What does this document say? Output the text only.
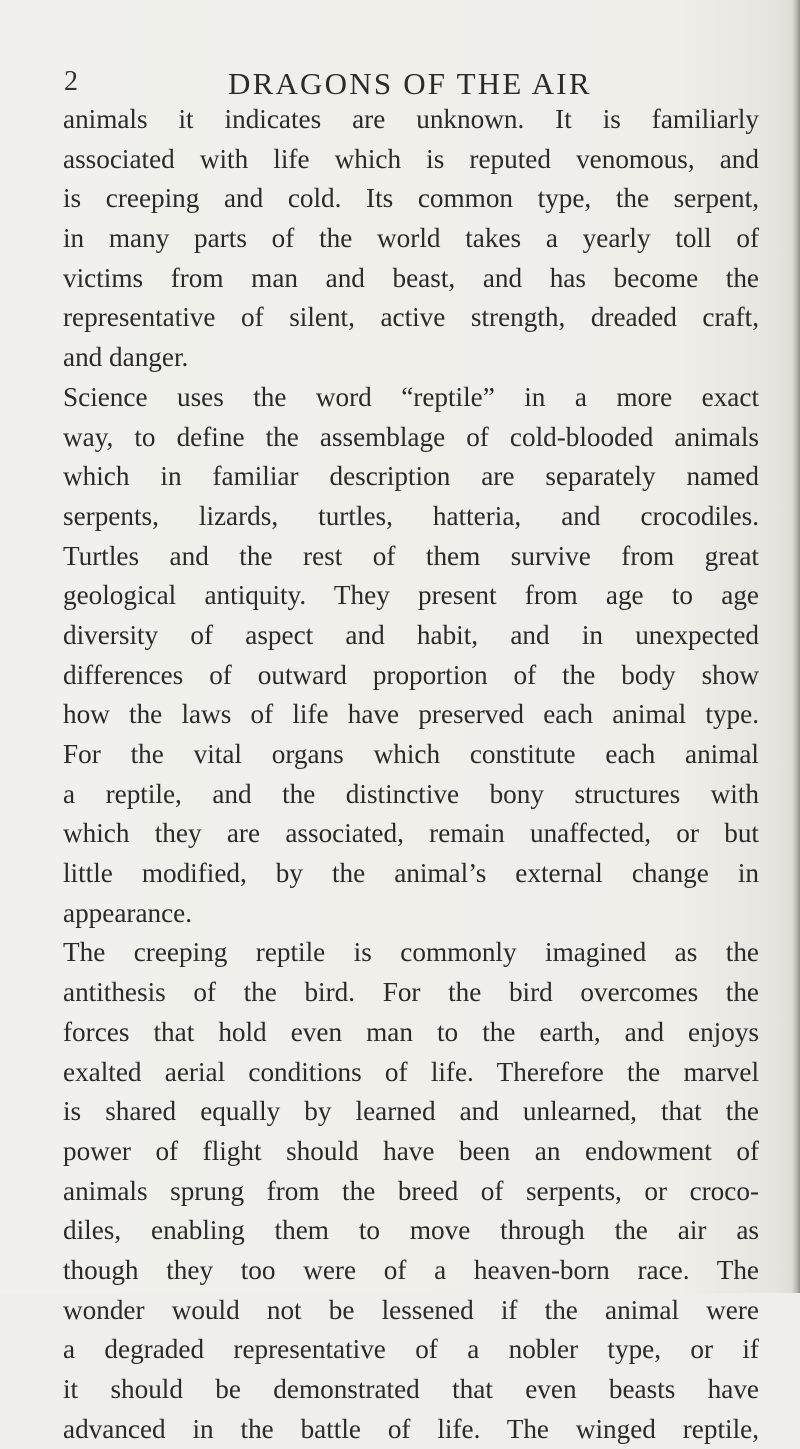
2	DRAGONS OF THE AIR
animals it indicates are unknown. It is familiarly
associated with life which is reputed venomous, and
is creeping and cold. Its common type, the serpent,
in many parts of the world takes a yearly toll of
victims from man and beast, and has become the
representative of silent, active strength, dreaded craft,
and danger.
Science uses the word “reptile” in a more exact
way, to define the assemblage of cold-blooded animals
which in familiar description are separately named
serpents, lizards, turtles, hatteria, and crocodiles.
Turtles and the rest of them survive from great
geological antiquity. They present from age to age
diversity of aspect and habit, and in unexpected
differences of outward proportion of the body show
how the laws of life have preserved each animal type.
For the vital organs which constitute each animal
a reptile, and the distinctive bony structures with
which they are associated, remain unaffected, or but
little modified, by the animal’s external change in
appearance.
The creeping reptile is commonly imagined as the
antithesis of the bird. For the bird overcomes the
forces that hold even man to the earth, and enjoys
exalted aerial conditions of life. Therefore the marvel
is shared equally by learned and unlearned, that the
power of flight should have been an endowment of
animals sprung from the breed of serpents, or croco-
diles, enabling them to move through the air as
though they too were of a heaven-born race. The
wonder would not be lessened if the animal were
a degraded representative of a nobler type, or if
it should be demonstrated that even beasts have
advanced in the battle of life. The winged reptile,
